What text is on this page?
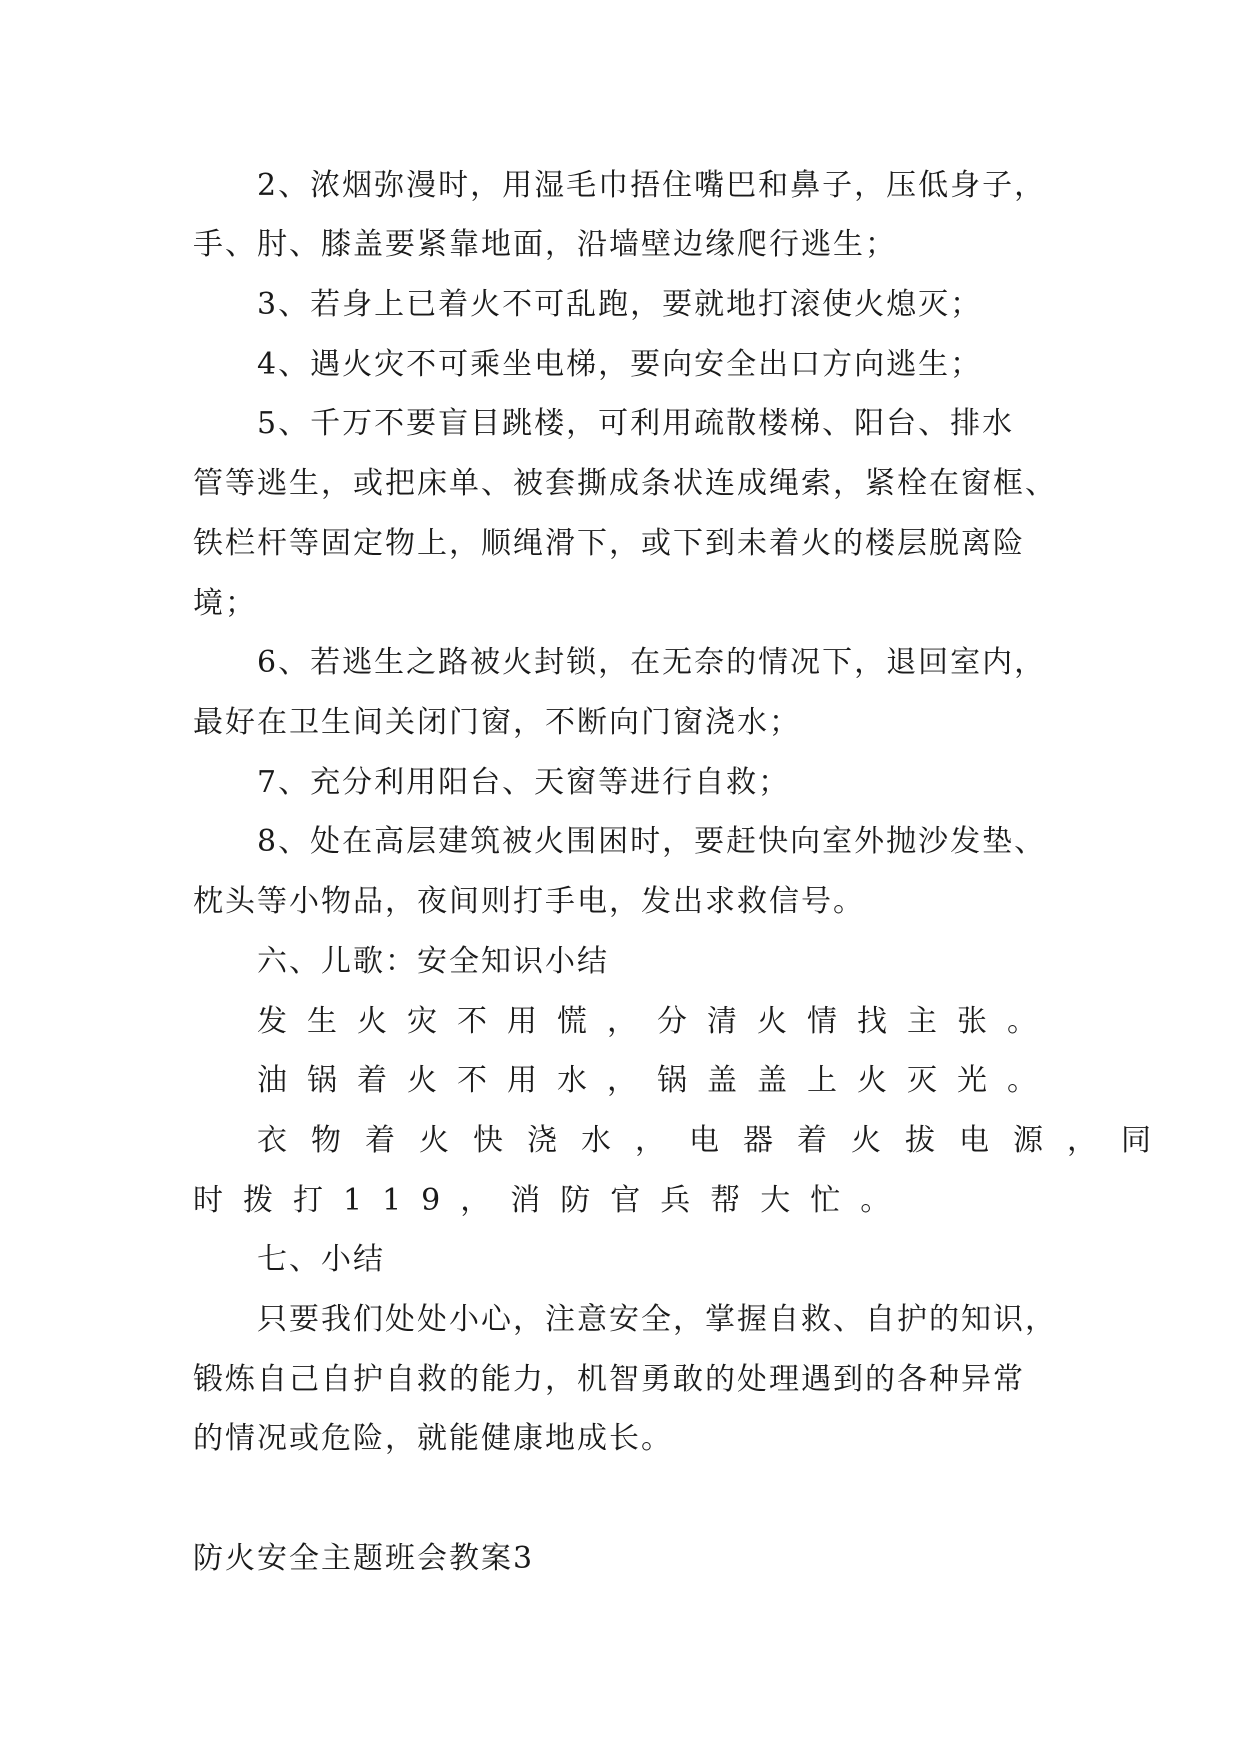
2、浓烟弥漫时，用湿毛巾捂住嘴巴和鼻子，压低身子，
手、肘、膝盖要紧靠地面，沿墙壁边缘爬行逃生；
3、若身上已着火不可乱跑，要就地打滚使火熄灭；
4、遇火灾不可乘坐电梯，要向安全出口方向逃生；
5、千万不要盲目跳楼，可利用疏散楼梯、阳台、排水
管等逃生，或把床单、被套撕成条状连成绳索，紧栓在窗框、
铁栏杆等固定物上，顺绳滑下，或下到未着火的楼层脱离险
境；
6、若逃生之路被火封锁，在无奈的情况下，退回室内，
最好在卫生间关闭门窗，不断向门窗浇水；
7、充分利用阳台、天窗等进行自救；
8、处在高层建筑被火围困时，要赶快向室外抛沙发垫、
枕头等小物品，夜间则打手电，发出求救信号。
六、儿歌：安全知识小结
发生火灾不用慌，分清火情找主张。
油锅着火不用水，锅盖盖上火灭光。
衣物着火快浇水，电器着火拔电源，同
时拨打119，消防官兵帮大忙。
七、小结
只要我们处处小心，注意安全，掌握自救、自护的知识，
锻炼自己自护自救的能力，机智勇敢的处理遇到的各种异常
的情况或危险，就能健康地成长。
防火安全主题班会教案3
